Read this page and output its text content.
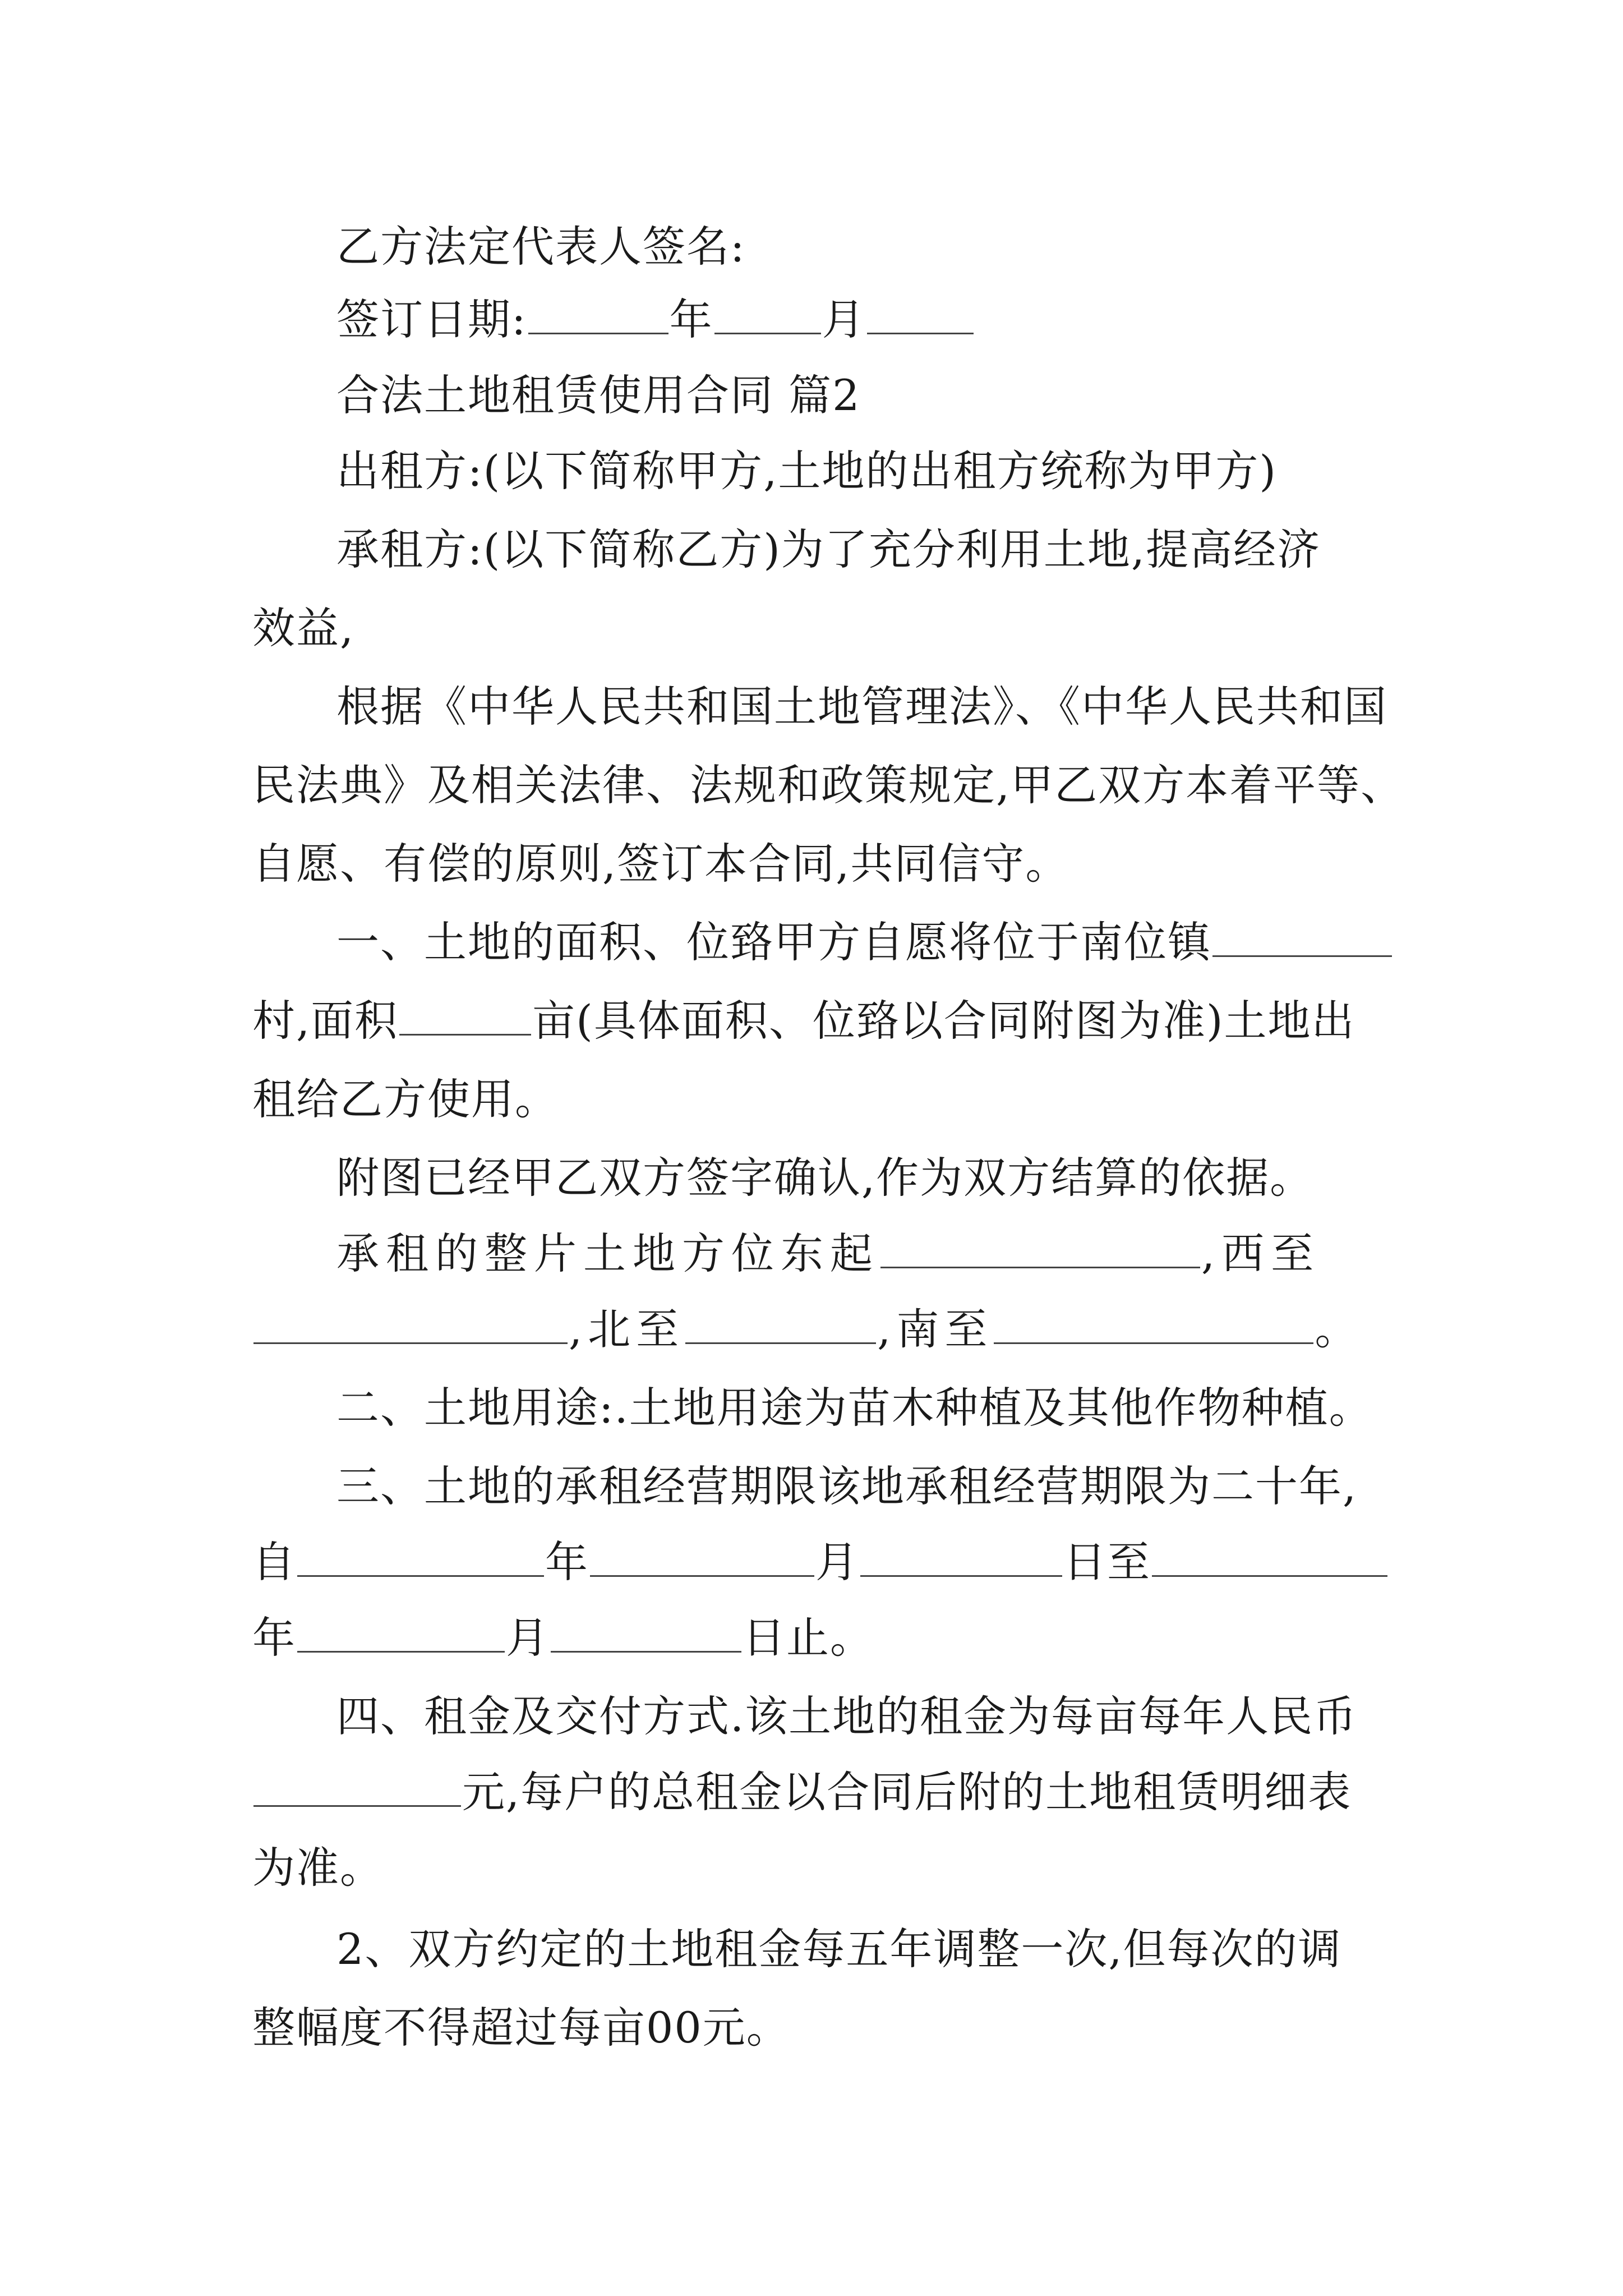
乙方法定代表人签名:
签订日期:	年	月
合法土地租赁使用合同 篇2
出租方:(以下简称甲方,土地的出租方统称为甲方)
承租方:(以下简称乙方)为了充分利用土地,提高经济
效益,
根据《中华人民共和国土地管理法》、《中华人民共和国
民法典》及相关法律、法规和政策规定,甲乙双方本着平等、
自愿、有偿的原则,签订本合同,共同信守。
一、土地的面积、位臵甲方自愿将位于南位镇
村,面积	亩(具体面积、位臵以合同附图为准)土地出
租给乙方使用。
附图已经甲乙双方签字确认,作为双方结算的依据。
承租的整片土地方位东起	,西至
,北至	,南至	。
二、土地用途:.土地用途为苗木种植及其他作物种植。
三、土地的承租经营期限该地承租经营期限为二十年,
自	年	月	日至
年	月	日止。
四、租金及交付方式.该土地的租金为每亩每年人民币
元,每户的总租金以合同后附的土地租赁明细表
为准。
2、双方约定的土地租金每五年调整一次,但每次的调
整幅度不得超过每亩00元。
